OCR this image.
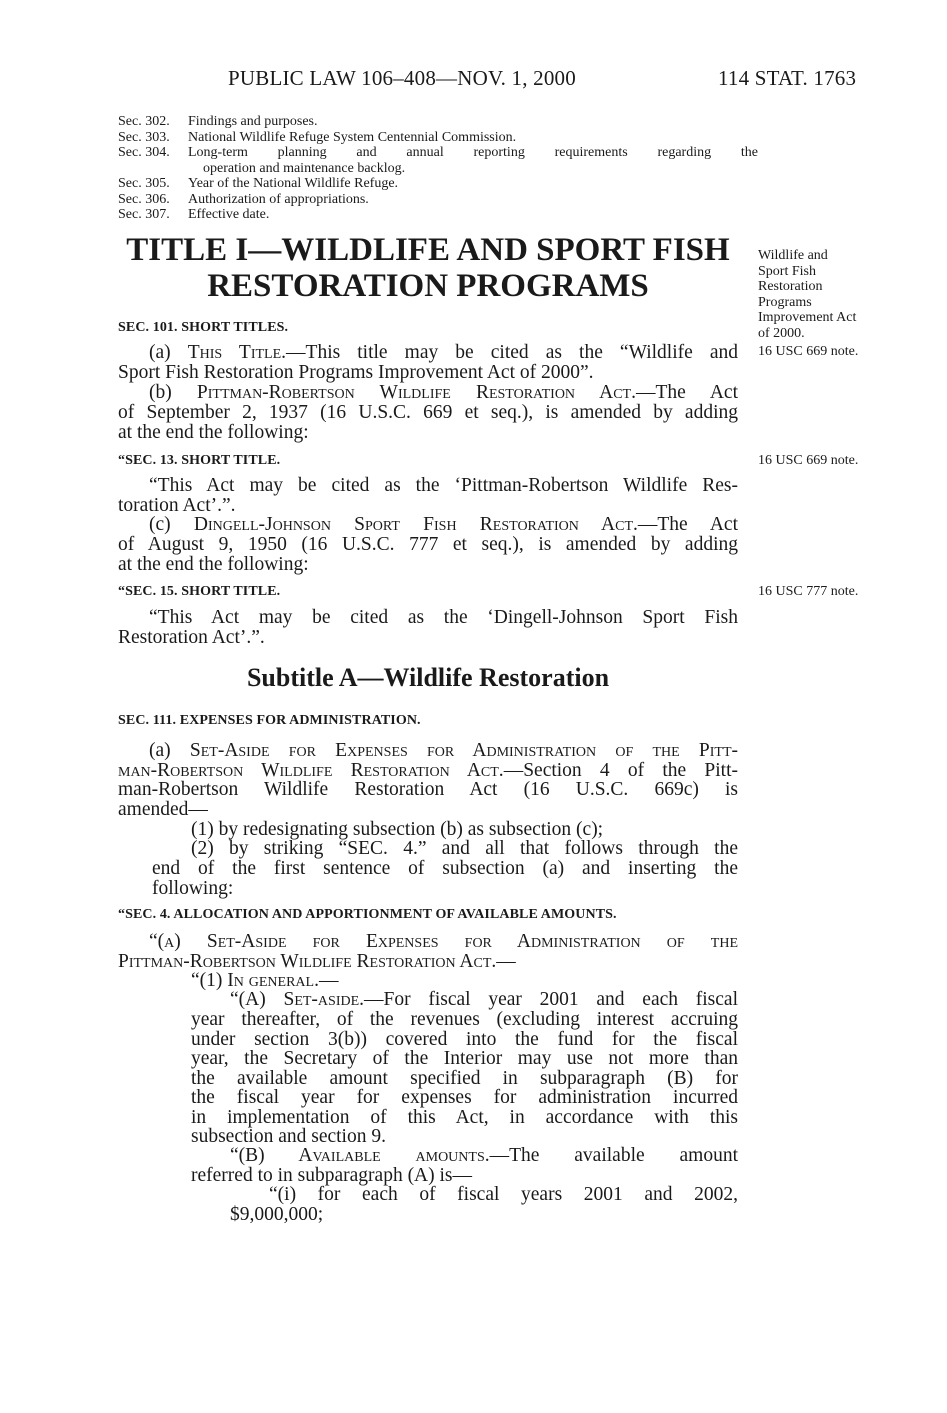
PUBLIC LAW 106–408—NOV. 1, 2000	114 STAT. 1763
Sec. 302.	Findings and purposes.
Sec. 303.	National Wildlife Refuge System Centennial Commission.
Sec. 304.	Long-term planning and annual reporting requirements regarding the
operation and maintenance backlog.
Sec. 305.	Year of the National Wildlife Refuge.
Sec. 306.	Authorization of appropriations.
Sec. 307.	Effective date.
TITLE I—WILDLIFE AND SPORT FISH
RESTORATION PROGRAMS
Wildlife and
Sport Fish
Restoration
Programs
Improvement Act
of 2000.
16 USC 669 note.
16 USC 669 note.
16 USC 777 note.
SEC. 101. SHORT TITLES.
(a) This Title.—This title may be cited as the “Wildlife and
Sport Fish Restoration Programs Improvement Act of 2000”.
(b) Pittman-Robertson Wildlife Restoration Act.—The Act
of September 2, 1937 (16 U.S.C. 669 et seq.), is amended by adding
at the end the following:
“SEC. 13. SHORT TITLE.
“This Act may be cited as the ‘Pittman-Robertson Wildlife Res-
toration Act’.”.
(c) Dingell-Johnson Sport Fish Restoration Act.—The Act
of August 9, 1950 (16 U.S.C. 777 et seq.), is amended by adding
at the end the following:
“SEC. 15. SHORT TITLE.
“This Act may be cited as the ‘Dingell-Johnson Sport Fish
Restoration Act’.”.
Subtitle A—Wildlife Restoration
SEC. 111. EXPENSES FOR ADMINISTRATION.
(a) Set-Aside for Expenses for Administration of the Pitt-
man-Robertson Wildlife Restoration Act.—Section 4 of the Pitt-
man-Robertson Wildlife Restoration Act (16 U.S.C. 669c) is
amended—
(1) by redesignating subsection (b) as subsection (c);
(2) by striking “SEC. 4.” and all that follows through the
end of the first sentence of subsection (a) and inserting the
following:
“SEC. 4. ALLOCATION AND APPORTIONMENT OF AVAILABLE AMOUNTS.
“(a) Set-Aside for Expenses for Administration of the
Pittman-Robertson Wildlife Restoration Act.—
“(1) In general.—
“(A) Set-aside.—For fiscal year 2001 and each fiscal
year thereafter, of the revenues (excluding interest accruing
under section 3(b)) covered into the fund for the fiscal
year, the Secretary of the Interior may use not more than
the available amount specified in subparagraph (B) for
the fiscal year for expenses for administration incurred
in implementation of this Act, in accordance with this
subsection and section 9.
“(B) Available amounts.—The available amount
referred to in subparagraph (A) is—
“(i) for each of fiscal years 2001 and 2002,
$9,000,000;
